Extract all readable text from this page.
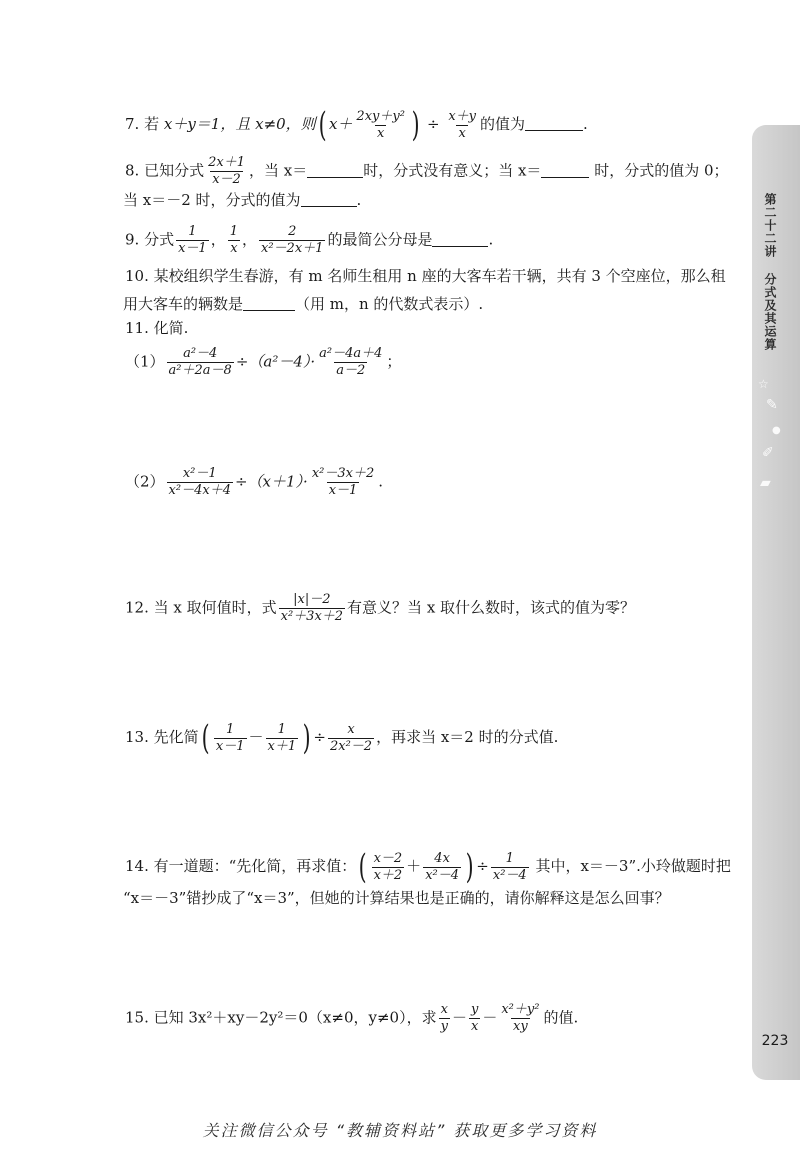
第二十二讲
分式及其运算
☆
✎
●
✐
▰
223
7. 若 x＋y＝1，且 x≠0，则( $x+ \frac{\text{2xy＋y²}}{x}$ ) ÷ $\frac{x+y}{x}$ 的值为	.
8. 已知分式 $\frac{2x+1}{x-2}$ ，当 x＝	时，分式没有意义；当 x＝	时，分式的值为 0；
当 x＝－2 时，分式的值为	.
9. 分式 $\frac{1}{x-1}$ ， $\frac{1}{x}$ ， $\frac{2}{\text{x²－2x＋1}}$ 的最简公分母是	.
10. 某校组织学生春游，有 m 名师生租用 n 座的大客车若干辆，共有 3 个空座位，那么租
用大客车的辆数是	（用 m，n 的代数式表示）.
11. 化简.
$(1) \frac{\text{a²－4}}{\text{a²＋2a－8}} \div(a^2-4)\cdot \frac{\text{a²－4a＋4}}{a-2}$ ；
$(2) \frac{\text{x²－1}}{\text{x²－4x＋4}} \div(x+1)\cdot \frac{\text{x²－3x＋2}}{x-1}$ .
12. 当 x 取何值时，式 $\frac{|x|-2}{\text{x²＋3x＋2}}$ 有意义？当 x 取什么数时，该式的值为零？
13. 先化简( $\frac{1}{x-1} - \frac{1}{x+1}$ ) ÷ $\frac{x}{\text{2x²－2}}$ ，再求当 x＝2 时的分式值.
14. 有一道题：“先化简，再求值：( $\frac{x-2}{x+2} + \frac{4x}{\text{x²－4}}$ ) ÷ $\frac{1}{\text{x²－4}}$ 其中，x＝－3”.小玲做题时把
“x＝－3”错抄成了“x＝3”，但她的计算结果也是正确的，请你解释这是怎么回事？
15. 已知 3x²＋xy－2y²＝0（x≠0，y≠0），求 $\frac{x}{y} - \frac{y}{x} - \frac{\text{x²＋y²}}{xy}$ 的值.
关注微信公众号 “教辅资料站” 获取更多学习资料
